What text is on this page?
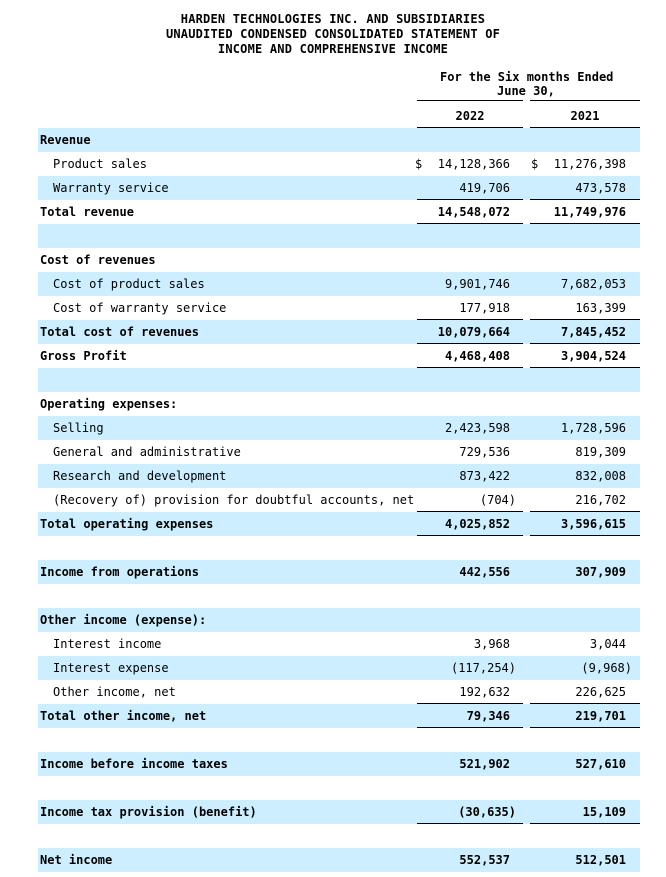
HARDEN TECHNOLOGIES INC. AND SUBSIDIARIES
UNAUDITED CONDENSED CONSOLIDATED STATEMENT OF
INCOME AND COMPREHENSIVE INCOME
For the Six months Ended
June 30,
2022	2021
Revenue
Product sales	$ 14,128,366 $ 11,276,398
Warranty service	419,706	473,578
Total revenue	14,548,072	11,749,976
Cost of revenues
Cost of product sales	9,901,746	7,682,053
Cost of warranty service	177,918	163,399
Total cost of revenues	10,079,664	7,845,452
Gross Profit	4,468,408	3,904,524
Operating expenses:
Selling	2,423,598	1,728,596
General and administrative	729,536	819,309
Research and development	873,422	832,008
(Recovery of) provision for doubtful accounts, net	(704)	216,702
Total operating expenses	4,025,852	3,596,615
Income from operations	442,556	307,909
Other income (expense):
Interest income	3,968	3,044
Interest expense	(117,254)	(9,968)
Other income, net	192,632	226,625
Total other income, net	79,346	219,701
Income before income taxes	521,902	527,610
Income tax provision (benefit)	(30,635)	15,109
Net income	552,537	512,501
